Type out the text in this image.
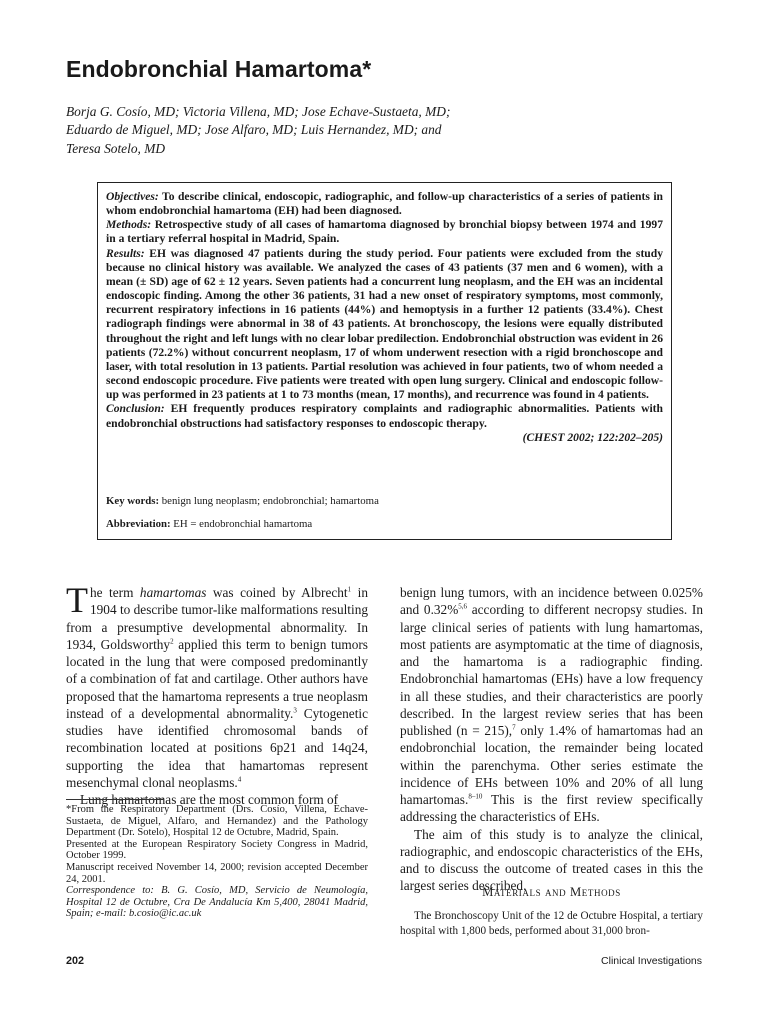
Endobronchial Hamartoma*
Borja G. Cosío, MD; Victoria Villena, MD; Jose Echave-Sustaeta, MD;
Eduardo de Miguel, MD; Jose Alfaro, MD; Luis Hernandez, MD; and
Teresa Sotelo, MD

Objectives: To describe clinical, endoscopic, radiographic, and follow-up characteristics of a series of patients in whom endobronchial hamartoma (EH) had been diagnosed.

Methods: Retrospective study of all cases of hamartoma diagnosed by bronchial biopsy between 1974 and 1997 in a tertiary referral hospital in Madrid, Spain.

Results: EH was diagnosed 47 patients during the study period. Four patients were excluded from the study because no clinical history was available. We analyzed the cases of 43 patients (37 men and 6 women), with a mean (± SD) age of 62 ± 12 years. Seven patients had a concurrent lung neoplasm, and the EH was an incidental endoscopic finding. Among the other 36 patients, 31 had a new onset of respiratory symptoms, most commonly, recurrent respiratory infections in 16 patients (44%) and hemoptysis in a further 12 patients (33.4%). Chest radiograph findings were abnormal in 38 of 43 patients. At bronchoscopy, the lesions were equally distributed throughout the right and left lungs with no clear lobar predilection. Endobronchial obstruction was evident in 26 patients (72.2%) without concurrent neoplasm, 17 of whom underwent resection with a rigid bronchoscope and laser, with total resolution in 13 patients. Partial resolution was achieved in four patients, two of whom needed a second endoscopic procedure. Five patients were treated with open lung surgery. Clinical and endoscopic follow-up was performed in 23 patients at 1 to 73 months (mean, 17 months), and recurrence was found in 4 patients.

Conclusion: EH frequently produces respiratory complaints and radiographic abnormalities. Patients with endobronchial obstructions had satisfactory responses to endoscopic therapy.

(CHEST 2002; 122:202–205)

Key words: benign lung neoplasm; endobronchial; hamartoma
Abbreviation: EH = endobronchial hamartoma

The term hamartomas was coined by Albrecht$^1$ in 1904 to describe tumor-like malformations resulting from a presumptive developmental abnormality. In 1934, Goldsworthy$^2$ applied this term to benign tumors located in the lung that were composed predominantly of a combination of fat and cartilage. Other authors have proposed that the hamartoma represents a true neoplasm instead of a developmental abnormality.$^3$ Cytogenetic studies have identified chromosomal bands of recombination located at positions 6p21 and 14q24, supporting the idea that hamartomas represent mesenchymal clonal neoplasms.$^4$

Lung hamartomas are the most common form of

*From the Respiratory Department (Drs. Cosío, Villena, Echave-Sustaeta, de Miguel, Alfaro, and Hernandez) and the Pathology Department (Dr. Sotelo), Hospital 12 de Octubre, Madrid, Spain.

Presented at the European Respiratory Society Congress in Madrid, October 1999.

Manuscript received November 14, 2000; revision accepted December 24, 2001.

Correspondence to: B. G. Cosío, MD, Servicio de Neumología, Hospital 12 de Octubre, Cra De Andalucía Km 5,400, 28041 Madrid, Spain; e-mail: b.cosio@ic.ac.uk

benign lung tumors, with an incidence between 0.025% and 0.32%$^{5,6}$ according to different necropsy studies. In large clinical series of patients with lung hamartomas, most patients are asymptomatic at the time of diagnosis, and the hamartoma is a radiographic finding. Endobronchial hamartomas (EHs) have a low frequency in all these studies, and their characteristics are poorly described. In the largest review series that has been published (n = 215),$^7$ only 1.4% of hamartomas had an endobronchial location, the remainder being located within the parenchyma. Other series estimate the incidence of EHs between 10% and 20% of all lung hamartomas.$^{8-10}$ This is the first review specifically addressing the characteristics of EHs.

The aim of this study is to analyze the clinical, radiographic, and endoscopic characteristics of the EHs, and to discuss the outcome of treated cases in this the largest series described.

Materials and Methods

The Bronchoscopy Unit of the 12 de Octubre Hospital, a tertiary hospital with 1,800 beds, performed about 31,000 bron-

202	Clinical Investigations
